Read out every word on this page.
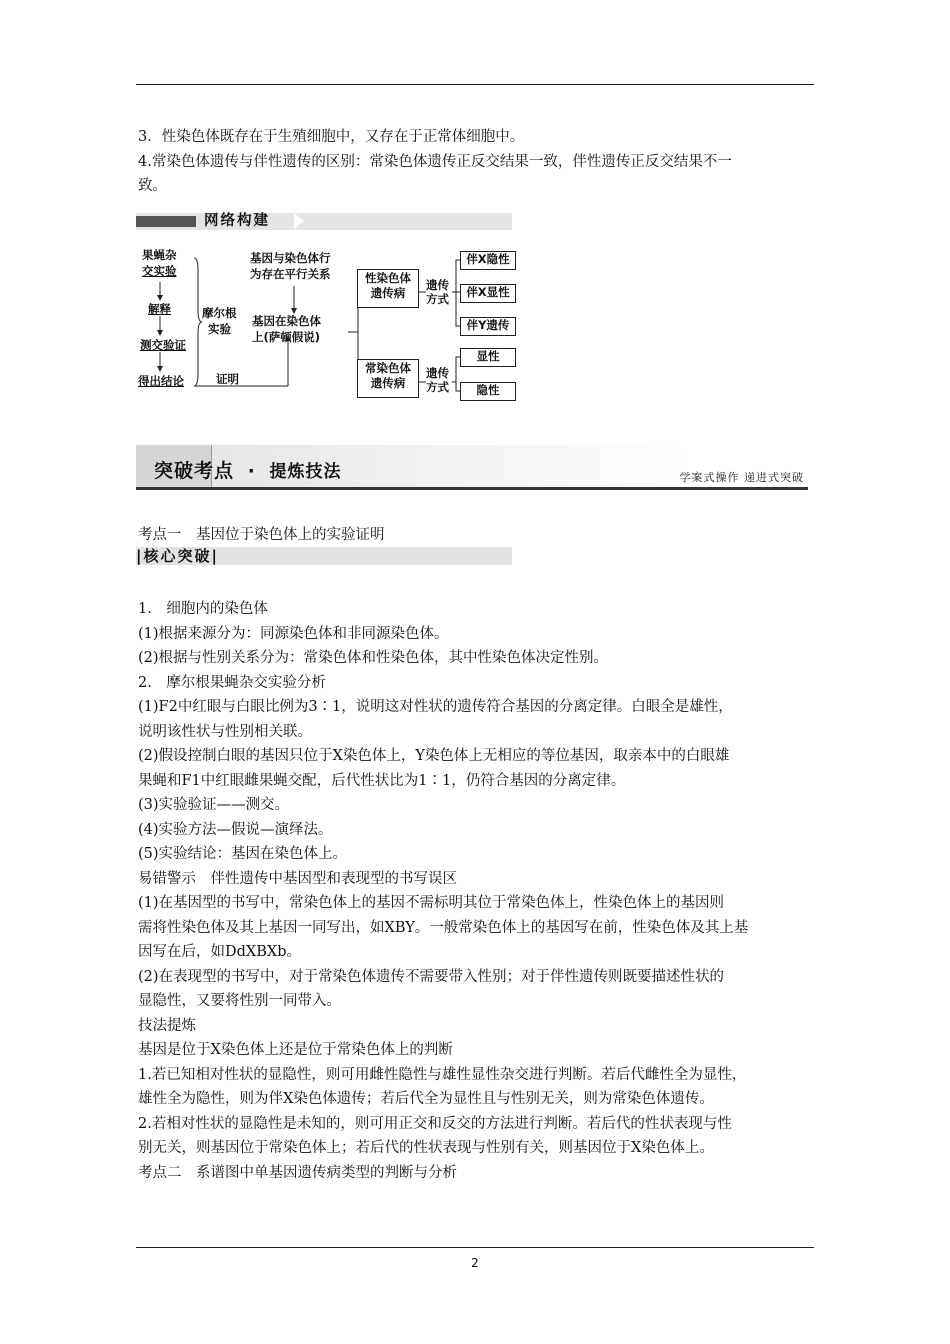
3．性染色体既存在于生殖细胞中，又存在于正常体细胞中。

4.常染色体遗传与伴性遗传的区别：常染色体遗传正反交结果一致，伴性遗传正反交结果不一

致。

网络构建
果蝇杂
交实验
解释
测交验证
得出结论
摩尔根
实验
证明
基因与染色体行
为存在平行关系
基因在染色体
上(萨顿假说)
性染色体
遗传病
常染色体
遗传病
遗传
方式
遗传
方式
伴X隐性
伴X显性
伴Y遗传
显性
隐性
突破考点 · 提炼技法	学案式操作 递进式突破

考点一　基因位于染色体上的实验证明

|核心突破|

1.　细胞内的染色体

(1)根据来源分为：同源染色体和非同源染色体。

(2)根据与性别关系分为：常染色体和性染色体，其中性染色体决定性别。

2.　摩尔根果蝇杂交实验分析

(1)F2中红眼与白眼比例为3∶1，说明这对性状的遗传符合基因的分离定律。白眼全是雄性，

说明该性状与性别相关联。

(2)假设控制白眼的基因只位于X染色体上，Y染色体上无相应的等位基因，取亲本中的白眼雄

果蝇和F1中红眼雌果蝇交配，后代性状比为1∶1，仍符合基因的分离定律。

(3)实验验证——测交。

(4)实验方法—假说—演绎法。

(5)实验结论：基因在染色体上。

易错警示　伴性遗传中基因型和表现型的书写误区

(1)在基因型的书写中，常染色体上的基因不需标明其位于常染色体上，性染色体上的基因则

需将性染色体及其上基因一同写出，如XBY。一般常染色体上的基因写在前，性染色体及其上基

因写在后，如DdXBXb。

(2)在表现型的书写中，对于常染色体遗传不需要带入性别；对于伴性遗传则既要描述性状的

显隐性，又要将性别一同带入。

技法提炼

基因是位于X染色体上还是位于常染色体上的判断

1.若已知相对性状的显隐性，则可用雌性隐性与雄性显性杂交进行判断。若后代雌性全为显性，

雄性全为隐性，则为伴X染色体遗传；若后代全为显性且与性别无关，则为常染色体遗传。

2.若相对性状的显隐性是未知的，则可用正交和反交的方法进行判断。若后代的性状表现与性

别无关，则基因位于常染色体上；若后代的性状表现与性别有关，则基因位于X染色体上。

考点二　系谱图中单基因遗传病类型的判断与分析

2
